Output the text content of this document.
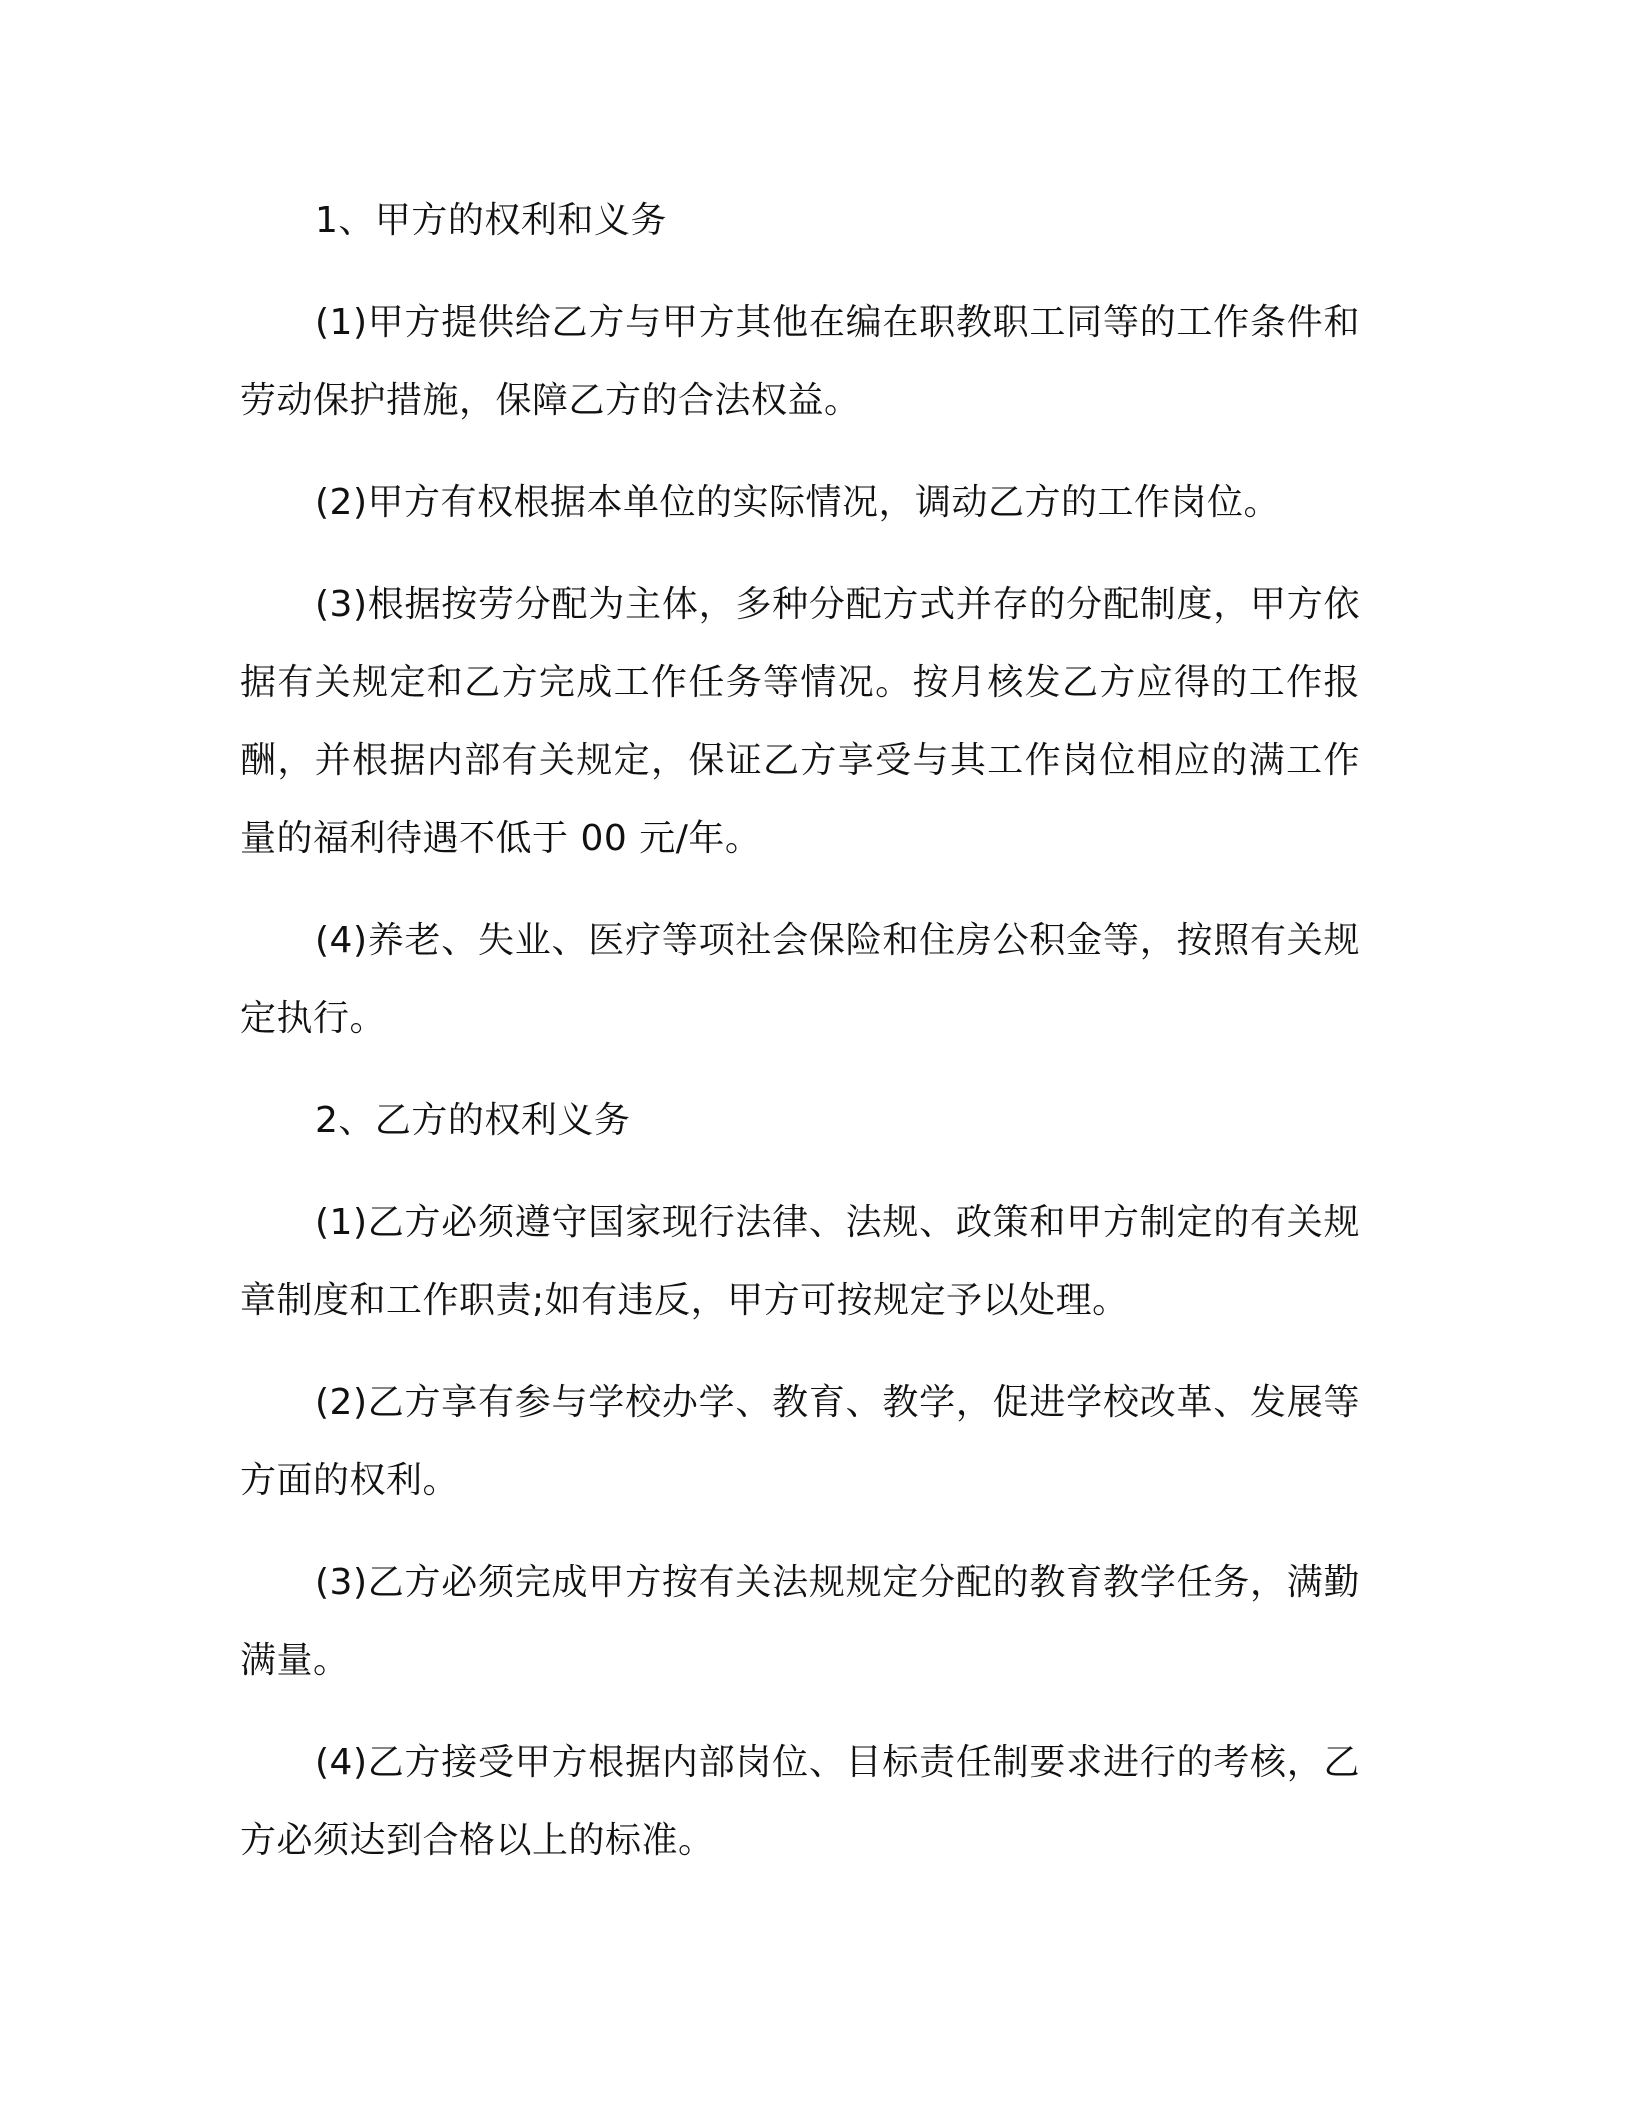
1、甲方的权利和义务

(1)甲方提供给乙方与甲方其他在编在职教职工同等的工作条件和劳动保护措施，保障乙方的合法权益。

(2)甲方有权根据本单位的实际情况，调动乙方的工作岗位。

(3)根据按劳分配为主体，多种分配方式并存的分配制度，甲方依据有关规定和乙方完成工作任务等情况。按月核发乙方应得的工作报酬，并根据内部有关规定，保证乙方享受与其工作岗位相应的满工作量的福利待遇不低于 00 元/年。

(4)养老、失业、医疗等项社会保险和住房公积金等，按照有关规定执行。

2、乙方的权利义务

(1)乙方必须遵守国家现行法律、法规、政策和甲方制定的有关规章制度和工作职责;如有违反，甲方可按规定予以处理。

(2)乙方享有参与学校办学、教育、教学，促进学校改革、发展等方面的权利。

(3)乙方必须完成甲方按有关法规规定分配的教育教学任务，满勤满量。

(4)乙方接受甲方根据内部岗位、目标责任制要求进行的考核，乙方必须达到合格以上的标准。
